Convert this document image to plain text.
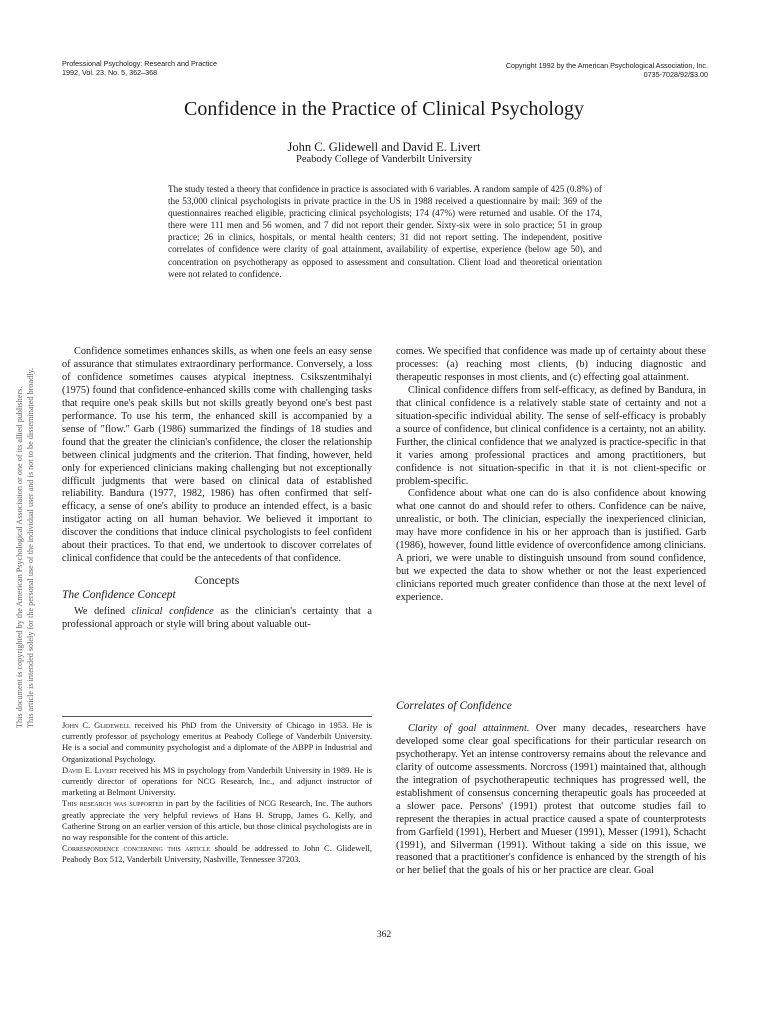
Professional Psychology: Research and Practice
1992, Vol. 23, No. 5, 362–368
Copyright 1992 by the American Psychological Association, Inc.
0735-7028/92/$3.00
Confidence in the Practice of Clinical Psychology
John C. Glidewell and David E. Livert
Peabody College of Vanderbilt University
The study tested a theory that confidence in practice is associated with 6 variables. A random sample of 425 (0.8%) of the 53,000 clinical psychologists in private practice in the US in 1988 received a questionnaire by mail: 369 of the questionnaires reached eligible, practicing clinical psychologists; 174 (47%) were returned and usable. Of the 174, there were 111 men and 56 women, and 7 did not report their gender. Sixty-six were in solo practice; 51 in group practice; 26 in clinics, hospitals, or mental health centers; 31 did not report setting. The independent, positive correlates of confidence were clarity of goal attainment, availability of expertise, experience (below age 50), and concentration on psychotherapy as opposed to assessment and consultation. Client load and theoretical orientation were not related to confidence.
This document is copyrighted by the American Psychological Association or one of its allied publishers. This article is intended solely for the personal use of the individual user and is not to be disseminated broadly.

Confidence sometimes enhances skills, as when one feels an easy sense of assurance that stimulates extraordinary performance. Conversely, a loss of confidence sometimes causes atypical ineptness. Csikszentmihalyi (1975) found that confidence-enhanced skills come with challenging tasks that require one's peak skills but not skills greatly beyond one's best past performance. To use his term, the enhanced skill is accompanied by a sense of "flow." Garb (1986) summarized the findings of 18 studies and found that the greater the clinician's confidence, the closer the relationship between clinical judgments and the criterion. That finding, however, held only for experienced clinicians making challenging but not exceptionally difficult judgments that were based on clinical data of established reliability. Bandura (1977, 1982, 1986) has often confirmed that self-efficacy, a sense of one's ability to produce an intended effect, is a basic instigator acting on all human behavior. We believed it important to discover the conditions that induce clinical psychologists to feel confident about their practices. To that end, we undertook to discover correlates of clinical confidence that could be the antecedents of that confidence.

Concepts
The Confidence Concept

We defined clinical confidence as the clinician's certainty that a professional approach or style will bring about valuable out-

John C. Glidewell received his PhD from the University of Chicago in 1953. He is currently professor of psychology emeritus at Peabody College of Vanderbilt University. He is a social and community psychologist and a diplomate of the ABPP in Industrial and Organizational Psychology.

David E. Livert received his MS in psychology from Vanderbilt University in 1989. He is currently director of operations for NCG Research, Inc., and adjunct instructor of marketing at Belmont University.

This research was supported in part by the facilities of NCG Research, Inc. The authors greatly appreciate the very helpful reviews of Hans H. Strupp, James G. Kelly, and Catherine Strong on an earlier version of this article, but those clinical psychologists are in no way responsible for the content of this article.

Correspondence concerning this article should be addressed to John C. Glidewell, Peabody Box 512, Vanderbilt University, Nashville, Tennessee 37203.

comes. We specified that confidence was made up of certainty about these processes: (a) reaching most clients, (b) inducing diagnostic and therapeutic responses in most clients, and (c) effecting goal attainment.

Clinical confidence differs from self-efficacy, as defined by Bandura, in that clinical confidence is a relatively stable state of certainty and not a situation-specific individual ability. The sense of self-efficacy is probably a source of confidence, but clinical confidence is a certainty, not an ability. Further, the clinical confidence that we analyzed is practice-specific in that it varies among professional practices and among practitioners, but confidence is not situation-specific in that it is not client-specific or problem-specific.

Confidence about what one can do is also confidence about knowing what one cannot do and should refer to others. Confidence can be naive, unrealistic, or both. The clinician, especially the inexperienced clinician, may have more confidence in his or her approach than is justified. Garb (1986), however, found little evidence of overconfidence among clinicians. A priori, we were unable to distinguish unsound from sound confidence, but we expected the data to show whether or not the least experienced clinicians reported much greater confidence than those at the next level of experience.

Correlates of Confidence

Clarity of goal attainment. Over many decades, researchers have developed some clear goal specifications for their particular research on psychotherapy. Yet an intense controversy remains about the relevance and clarity of outcome assessments. Norcross (1991) maintained that, although the integration of psychotherapeutic techniques has progressed well, the establishment of consensus concerning therapeutic goals has proceeded at a slower pace. Persons' (1991) protest that outcome studies fail to represent the therapies in actual practice caused a spate of counterprotests from Garfield (1991), Herbert and Mueser (1991), Messer (1991), Schacht (1991), and Silverman (1991). Without taking a side on this issue, we reasoned that a practitioner's confidence is enhanced by the strength of his or her belief that the goals of his or her practice are clear. Goal

362
